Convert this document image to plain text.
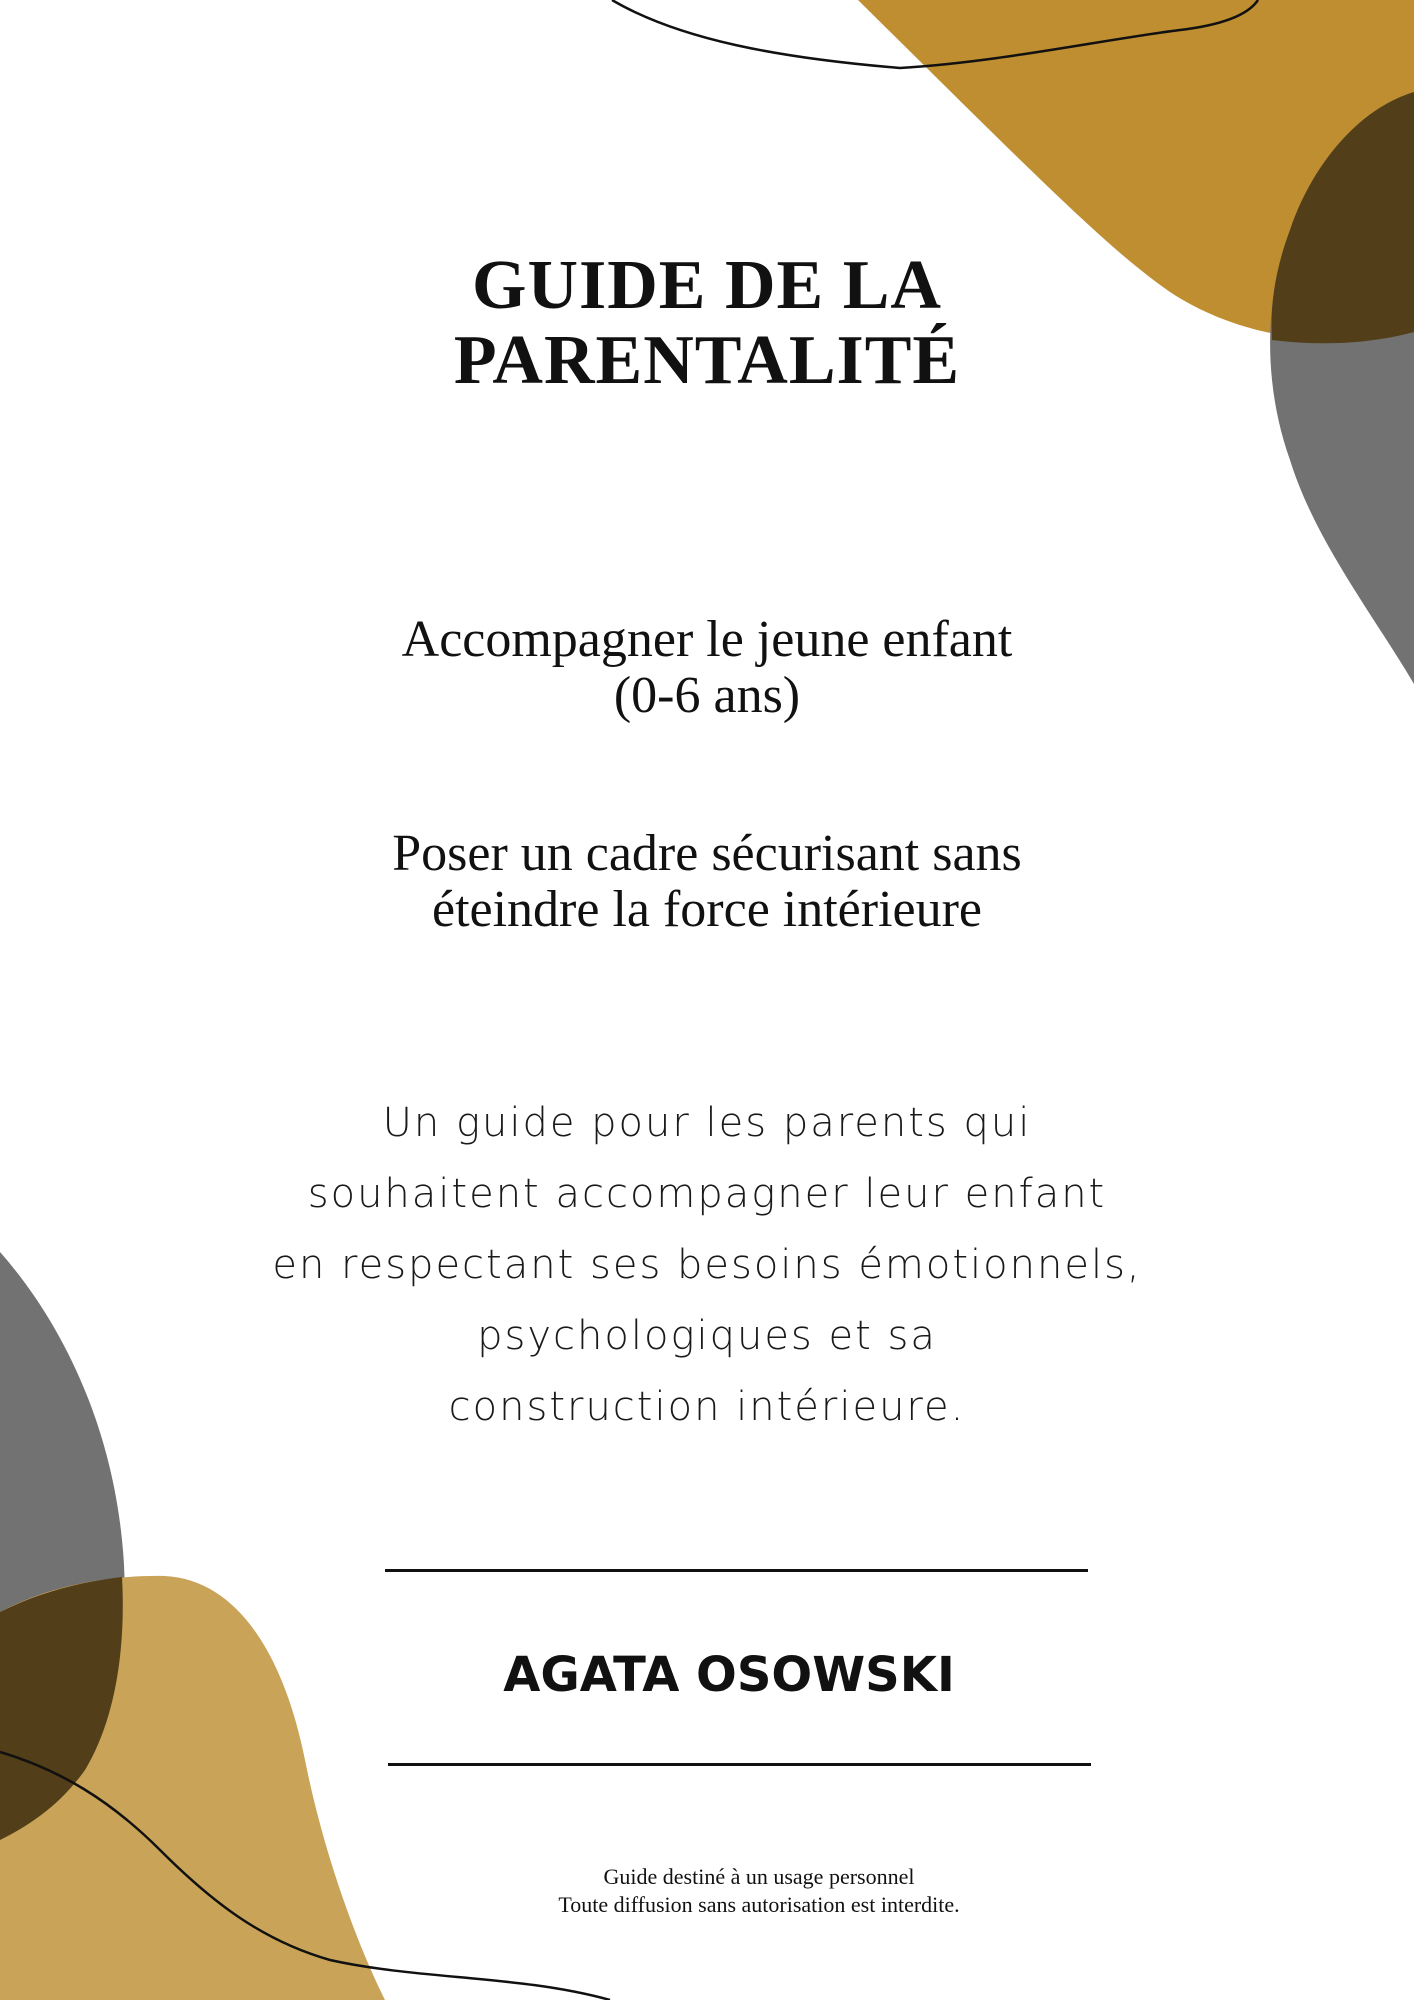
GUIDE DE LA
PARENTALITÉ
Accompagner le jeune enfant
(0-6 ans)
Poser un cadre sécurisant sans
éteindre la force intérieure
Un guide pour les parents qui
souhaitent accompagner leur enfant
en respectant ses besoins émotionnels,
psychologiques et sa
construction intérieure.
AGATA OSOWSKI
Guide destiné à un usage personnel
Toute diffusion sans autorisation est interdite.
